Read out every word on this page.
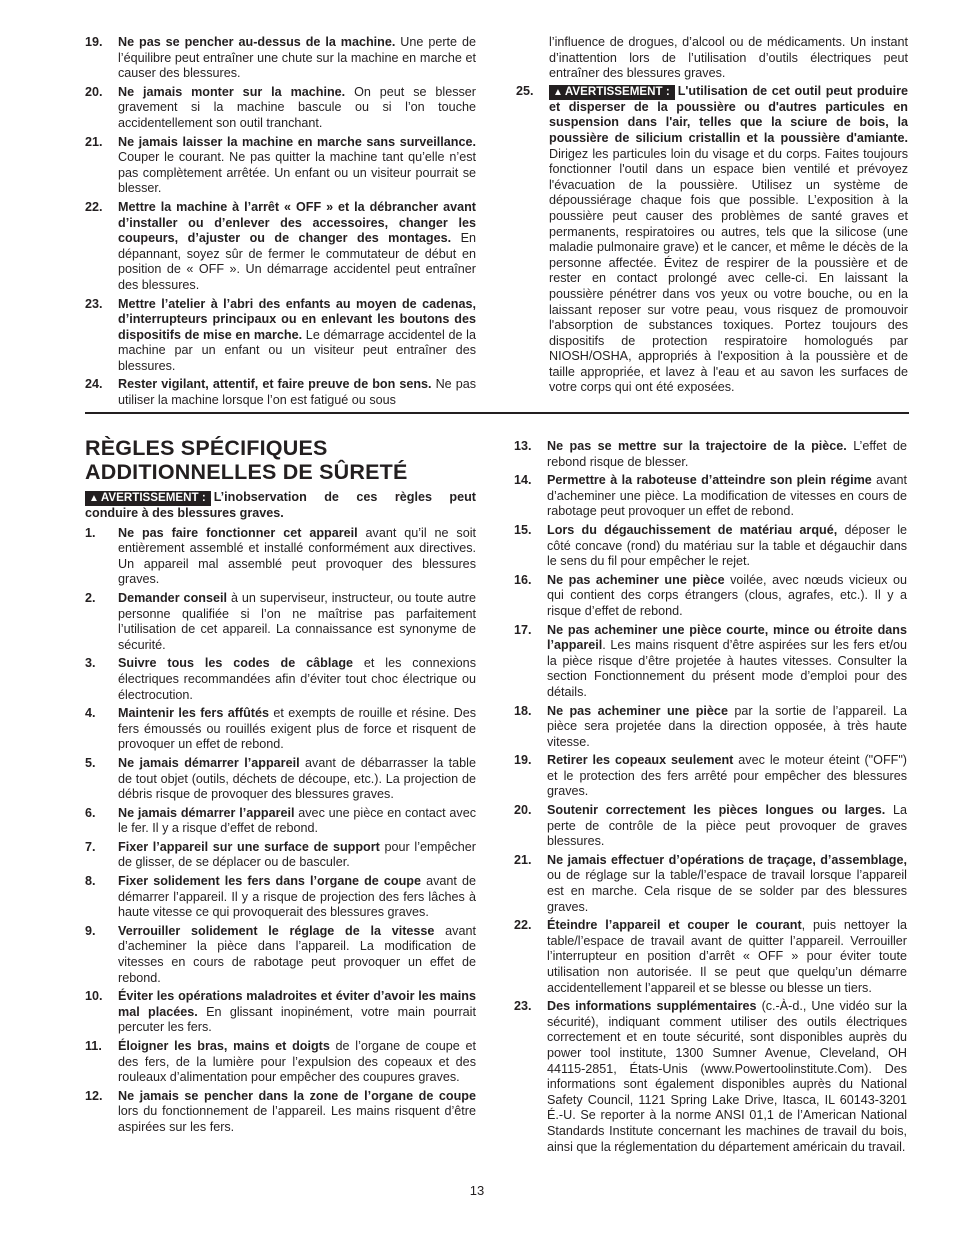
19.	Ne pas se pencher au-dessus de la machine. Une perte de l’équilibre peut entraîner une chute sur la machine en marche et causer des blessures.
20.	Ne jamais monter sur la machine. On peut se blesser gravement si la machine bascule ou si l’on touche accidentellement son outil tranchant.
21.	Ne jamais laisser la machine en marche sans surveillance. Couper le courant. Ne pas quitter la machine tant qu’elle n’est pas complètement arrêtée. Un enfant ou un visiteur pourrait se blesser.
22.	Mettre la machine à l’arrêt « OFF » et la débrancher avant d’installer ou d’enlever des accessoires, changer les coupeurs, d’ajuster ou de changer des montages. En dépannant, soyez sûr de fermer le commutateur de début en position de « OFF ». Un démarrage accidentel peut entraîner des blessures.
23.	Mettre l’atelier à l’abri des enfants au moyen de cadenas, d’interrupteurs principaux ou en enlevant les boutons des dispositifs de mise en marche. Le démarrage accidentel de la machine par un enfant ou un visiteur peut entraîner des blessures.
24.	Rester vigilant, attentif, et faire preuve de bon sens. Ne pas utiliser la machine lorsque l’on est fatigué ou sous
l’influence de drogues, d’alcool ou de médicaments. Un instant d’inattention lors de l’utilisation d’outils électriques peut entraîner des blessures graves.
25.	▲ AVERTISSEMENT : L'utilisation de cet outil peut produire et disperser de la poussière ou d'autres particules en suspension dans l'air, telles que la sciure de bois, la poussière de silicium cristallin et la poussière d'amiante. Dirigez les particules loin du visage et du corps. Faites toujours fonctionner l'outil dans un espace bien ventilé et prévoyez l'évacuation de la poussière. Utilisez un système de dépoussiérage chaque fois que possible. L’exposition à la poussière peut causer des problèmes de santé graves et permanents, respiratoires ou autres, tels que la silicose (une maladie pulmonaire grave) et le cancer, et même le décès de la personne affectée. Évitez de respirer de la poussière et de rester en contact prolongé avec celle-ci. En laissant la poussière pénétrer dans vos yeux ou votre bouche, ou en la laissant reposer sur votre peau, vous risquez de promouvoir l'absorption de substances toxiques. Portez toujours des dispositifs de protection respiratoire homologués par NIOSH/OSHA, appropriés à l'exposition à la poussière et de taille appropriée, et lavez à l'eau et au savon les surfaces de votre corps qui ont été exposées.
RÈGLES SPÉCIFIQUES
ADDITIONNELLES DE SÛRETÉ
▲ AVERTISSEMENT : L’inobservation de ces règles peut conduire à des blessures graves.
1.	Ne pas faire fonctionner cet appareil avant qu’il ne soit entièrement assemblé et installé conformément aux directives. Un appareil mal assemblé peut provoquer des blessures graves.
2.	Demander conseil à un superviseur, instructeur, ou toute autre personne qualifiée si l’on ne maîtrise pas parfaitement l’utilisation de cet appareil. La connaissance est synonyme de sécurité.
3.	Suivre tous les codes de câblage et les connexions électriques recommandées afin d’éviter tout choc électrique ou électrocution.
4.	Maintenir les fers affûtés et exempts de rouille et résine. Des fers émoussés ou rouillés exigent plus de force et risquent de provoquer un effet de rebond.
5.	Ne jamais démarrer l’appareil avant de débarrasser la table de tout objet (outils, déchets de découpe, etc.). La projection de débris risque de provoquer des blessures graves.
6.	Ne jamais démarrer l’appareil avec une pièce en contact avec le fer. Il y a risque d’effet de rebond.
7.	Fixer l’appareil sur une surface de support pour l’empêcher de glisser, de se déplacer ou de basculer.
8.	Fixer solidement les fers dans l’organe de coupe avant de démarrer l’appareil. Il y a risque de projection des fers lâches à haute vitesse ce qui provoquerait des blessures graves.
9.	Verrouiller solidement le réglage de la vitesse avant d’acheminer la pièce dans l’appareil. La modification de vitesses en cours de rabotage peut provoquer un effet de rebond.
10.	Éviter les opérations maladroites et éviter d’avoir les mains mal placées. En glissant inopinément, votre main pourrait percuter les fers.
11.	Éloigner les bras, mains et doigts de l’organe de coupe et des fers, de la lumière pour l’expulsion des copeaux et des rouleaux d’alimentation pour empêcher des coupures graves.
12.	Ne jamais se pencher dans la zone de l’organe de coupe lors du fonctionnement de l’appareil. Les mains risquent d’être aspirées sur les fers.
13.	Ne pas se mettre sur la trajectoire de la pièce. L’effet de rebond risque de blesser.
14.	Permettre à la raboteuse d’atteindre son plein régime avant d’acheminer une pièce. La modification de vitesses en cours de rabotage peut provoquer un effet de rebond.
15.	Lors du dégauchissement de matériau arqué, déposer le côté concave (rond) du matériau sur la table et dégauchir dans le sens du fil pour empêcher le rejet.
16.	Ne pas acheminer une pièce voilée, avec nœuds vicieux ou qui contient des corps étrangers (clous, agrafes, etc.). Il y a risque d’effet de rebond.
17.	Ne pas acheminer une pièce courte, mince ou étroite dans l’appareil. Les mains risquent d’être aspirées sur les fers et/ou la pièce risque d’être projetée à hautes vitesses. Consulter la section Fonctionnement du présent mode d’emploi pour des détails.
18.	Ne pas acheminer une pièce par la sortie de l’appareil. La pièce sera projetée dans la direction opposée, à très haute vitesse.
19.	Retirer les copeaux seulement avec le moteur éteint ("OFF") et le protection des fers arrêté pour empêcher des blessures graves.
20.	Soutenir correctement les pièces longues ou larges. La perte de contrôle de la pièce peut provoquer de graves blessures.
21.	Ne jamais effectuer d’opérations de traçage, d’assemblage, ou de réglage sur la table/l’espace de travail lorsque l’appareil est en marche. Cela risque de se solder par des blessures graves.
22.	Éteindre l’appareil et couper le courant, puis nettoyer la table/l’espace de travail avant de quitter l’appareil. Verrouiller l’interrupteur en position d’arrêt « OFF » pour éviter toute utilisation non autorisée. Il se peut que quelqu’un démarre accidentellement l’appareil et se blesse ou blesse un tiers.
23.	Des informations supplémentaires (c.-À-d., Une vidéo sur la sécurité), indiquant comment utiliser des outils électriques correctement et en toute sécurité, sont disponibles auprès du power tool institute, 1300 Sumner Avenue, Cleveland, OH 44115-2851, États-Unis (www.Powertoolinstitute.Com). Des informations sont également disponibles auprès du National Safety Council, 1121 Spring Lake Drive, Itasca, IL 60143-3201 É.-U. Se reporter à la norme ANSI 01,1 de l’American National Standards Institute concernant les machines de travail du bois, ainsi que la réglementation du département américain du travail.
13
